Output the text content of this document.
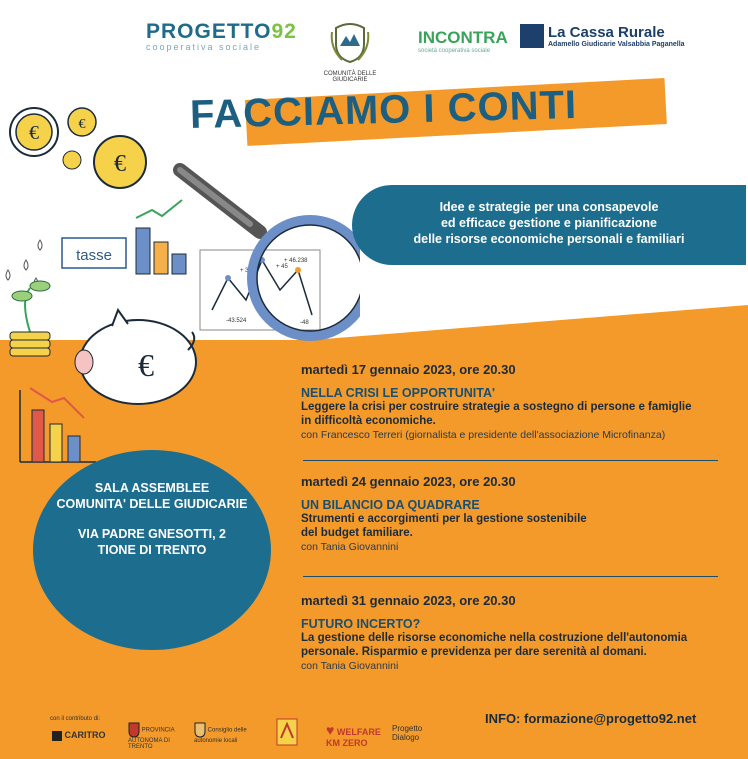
PROGETTO92
cooperativa sociale
COMUNITÀ DELLE GIUDICARIE
INCONTRA
società cooperativa sociale
La Cassa Rurale
Adamello Giudicarie Valsabbia Paganella
FACCIAMO I CONTI
€	€
€
tasse
+ 37
+ 45
+ 46.238
-43.524	-48
-18
€
Idee e strategie per una consapevole
ed efficace gestione e pianificazione
delle risorse economiche personali e familiari

SALA ASSEMBLEE
COMUNITA' DELLE GIUDICARIE

VIA PADRE GNESOTTI, 2
TIONE DI TRENTO

martedì 17 gennaio 2023, ore 20.30
NELLA CRISI LE OPPORTUNITA'
Leggere la crisi per costruire strategie a sostegno di persone e famiglie
in difficoltà economiche.
con Francesco Terreri (giornalista e presidente dell'associazione Microfinanza)
martedì 24 gennaio 2023, ore 20.30
UN BILANCIO DA QUADRARE
Strumenti e accorgimenti per la gestione sostenibile
del budget familiare.
con Tania Giovannini
martedì 31 gennaio 2023, ore 20.30
FUTURO INCERTO?
La gestione delle risorse economiche nella costruzione dell'autonomia
personale. Risparmio e previdenza per dare serenità al domani.
con Tania Giovannini
INFO: formazione@progetto92.net
con il contributo di:
CARITRO	PROVINCIA AUTONOMA DI TRENTO
Consiglio delle autonomie locali
♥ WELFARE KM ZERO
Progetto Dialogo
